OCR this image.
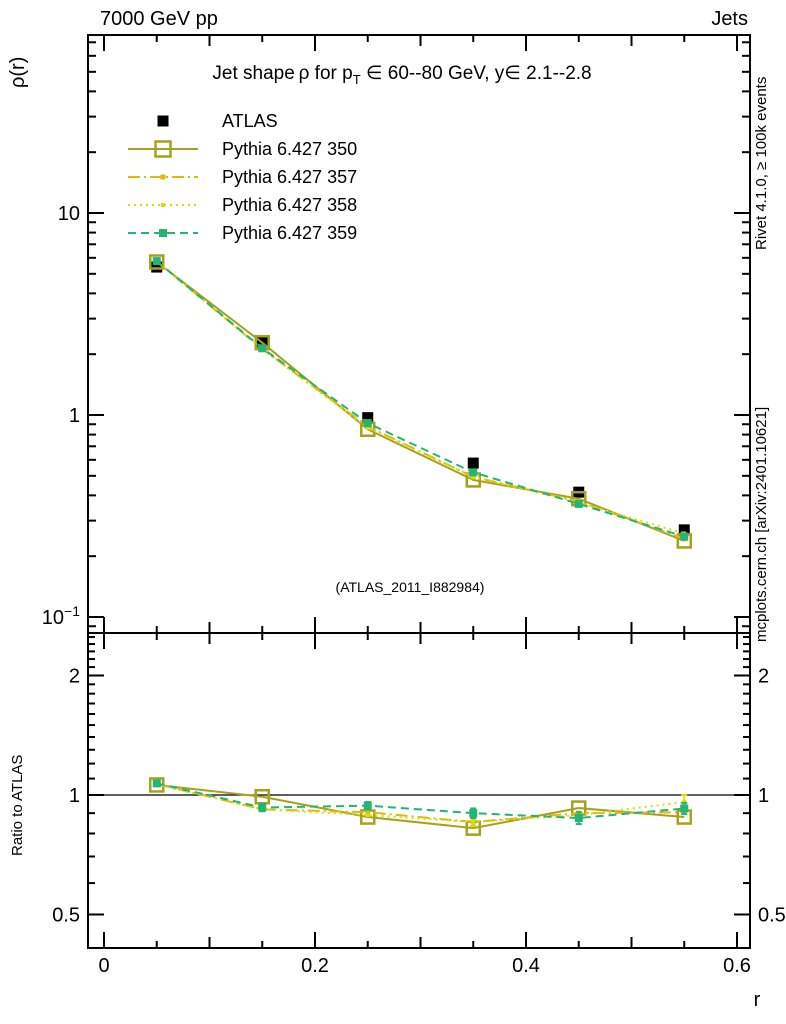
7000 GeV pp	Jets
0	0.2	0.4	0.6
10
1
$10^{-1}$
2	2
1	1
0.5	0.5
ATLAS
Pythia 6.427 350
Pythia 6.427 357
Pythia 6.427 358
Pythia 6.427 359
Jet shape ρ for $p_T$ ∈ 60--80 GeV, y∈ 2.1--2.8
(ATLAS_2011_I882984)
ρ(r)
Ratio to ATLAS
Rivet 4.1.0, ≥ 100k events
mcplots.cern.ch [arXiv:2401.10621]
r
